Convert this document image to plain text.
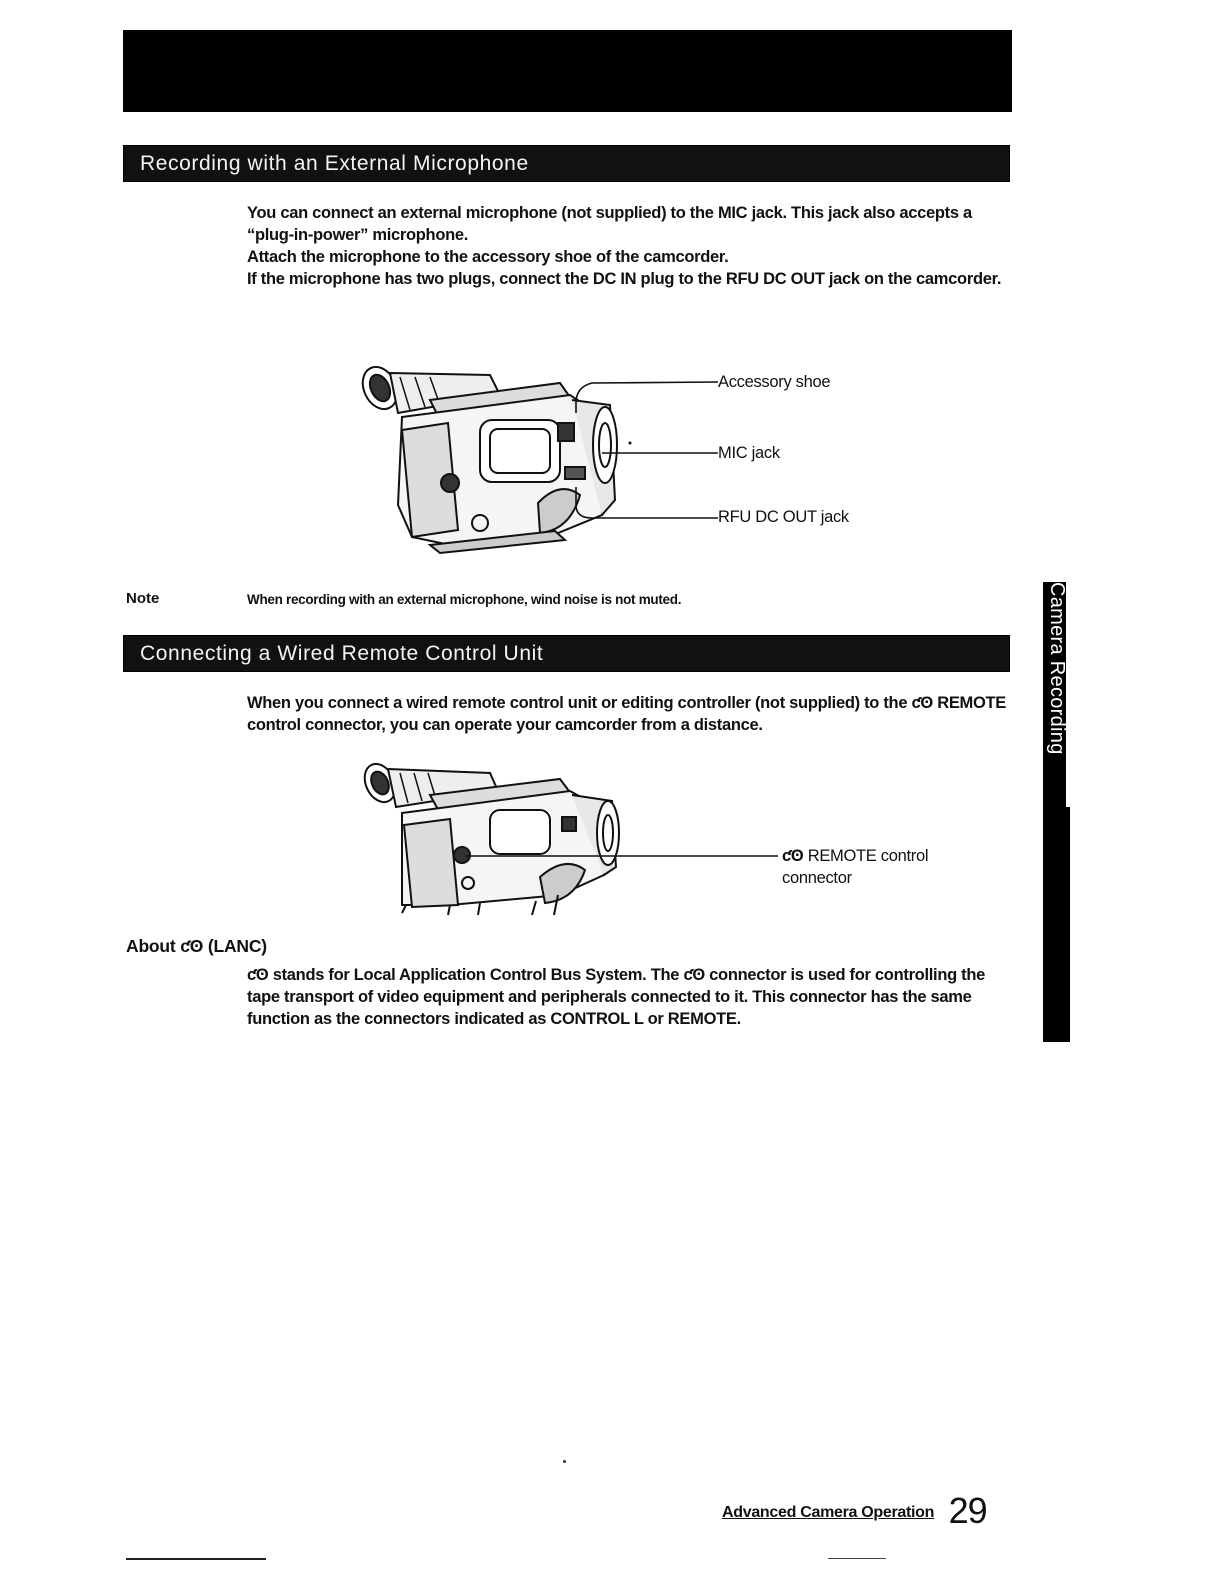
Recording with an External Microphone

You can connect an external microphone (not supplied) to the MIC jack. This jack also accepts a “plug-in-power” microphone.

Attach the microphone to the accessory shoe of the camcorder.

If the microphone has two plugs, connect the DC IN plug to the RFU DC OUT jack on the camcorder.

Accessory shoe
MIC jack
RFU DC OUT jack
Note	When recording with an external microphone, wind noise is not muted.	Camera Recording
Connecting a Wired Remote Control Unit

When you connect a wired remote control unit or editing controller (not supplied) to the ƈʘ REMOTE control connector, you can operate your camcorder from a distance.

ƈʘ REMOTE control
connector
About ƈʘ (LANC)

ƈʘ stands for Local Application Control Bus System. The ƈʘ connector is used for controlling the tape transport of video equipment and peripherals connected to it. This connector has the same function as the connectors indicated as CONTROL L or REMOTE.

Advanced Camera Operation 29
